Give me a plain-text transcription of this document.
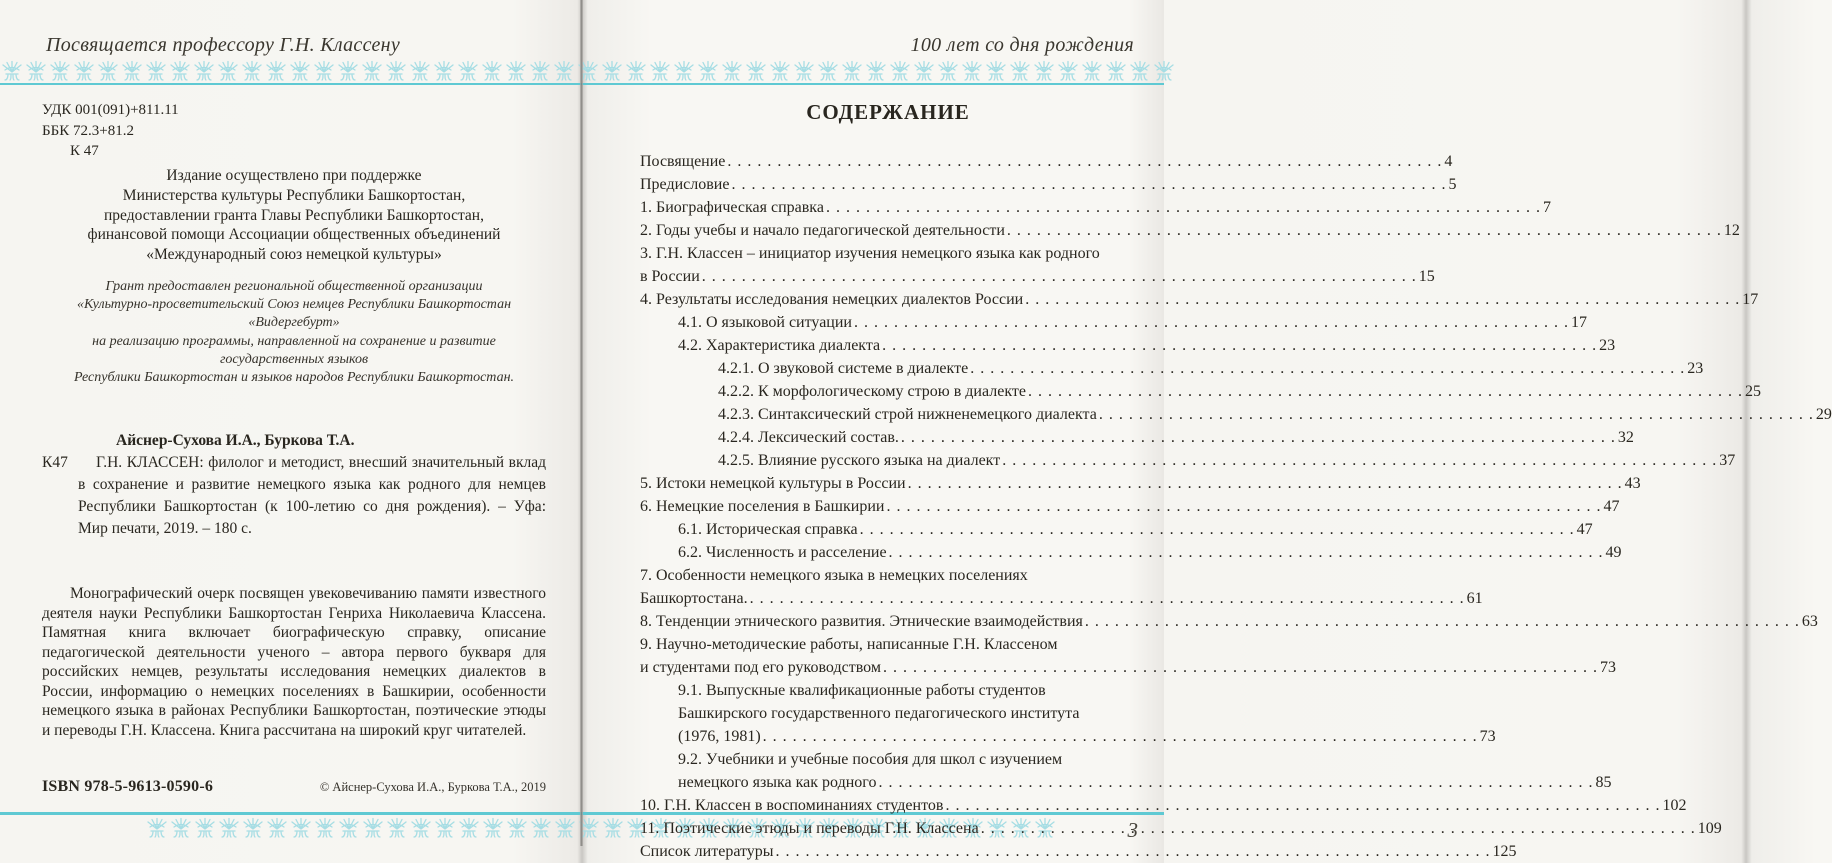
Посвящается профессору Г.Н. Классену	100 лет со дня рождения
УДК 001(091)+811.11
ББК 72.3+81.2
К 47
Издание осуществлено при поддержке
Министерства культуры Республики Башкортостан,
предоставлении гранта Главы Республики Башкортостан,
финансовой помощи Ассоциации общественных объединений
«Международный союз немецкой культуры»
Грант предоставлен региональной общественной организации
«Культурно-просветительский Союз немцев Республики Башкортостан «Видергебурт»
на реализацию программы, направленной на сохранение и развитие государственных языков
Республики Башкортостан и языков народов Республики Башкортостан.
К47
Айснер-Сухова И.А., Буркова Т.А.
Г.Н. КЛАССЕН: филолог и методист, внесший значительный вклад в сохранение и развитие немецкого языка как родного для немцев Республики Башкортостан (к 100-летию со дня рождения). – Уфа: Мир печати, 2019. – 180 с.
Монографический очерк посвящен увековечиванию памяти известного деятеля науки Республики Башкортостан Генриха Николаевича Классена. Памятная книга включает биографическую справку, описание педагогической деятельности ученого – автора первого букваря для российских немцев, результаты исследования немецких диалектов в России, информацию о немецких поселениях в Башкирии, особенности немецкого языка в районах Республики Башкортостан, поэтические этюды и переводы Г.Н. Классена. Книга рассчитана на широкий круг читателей.
ISBN 978-5-9613-0590-6	© Айснер-Сухова И.А., Буркова Т.А., 2019
СОДЕРЖАНИЕ
Посвящение . . .	4
Предисловие . . .	5
1. Биографическая справка . . .	7
2. Годы учебы и начало педагогической деятельности . . .	12
3. Г.Н. Классен – инициатор изучения немецкого языка как родного
в России . . .	15
4. Результаты исследования немецких диалектов России . . .	17
4.1. О языковой ситуации . . .	17
4.2. Характеристика диалекта . . .	23
4.2.1. О звуковой системе в диалекте . . .	23
4.2.2. К морфологическому строю в диалекте . . .	25
4.2.3. Синтаксический строй нижненемецкого диалекта . . .	29
4.2.4. Лексический состав. . . .	32
4.2.5. Влияние русского языка на диалект . . .	37
5. Истоки немецкой культуры в России . . .	43
6. Немецкие поселения в Башкирии . . .	47
6.1. Историческая справка . . .	47
6.2. Численность и расселение . . .	49
7. Особенности немецкого языка в немецких поселениях
Башкортостана. . . .	61
8. Тенденции этнического развития. Этнические взаимодействия . . .	63
9. Научно-методические работы, написанные Г.Н. Классеном
и студентами под его руководством . . .	73
9.1. Выпускные квалификационные работы студентов
Башкирского государственного педагогического института
(1976, 1981) . . .	73
9.2. Учебники и учебные пособия для школ с изучением
немецкого языка как родного . . .	85
10. Г.Н. Классен в воспоминаниях студентов . . .	102
11. Поэтические этюды и переводы Г.Н. Классена . . .	109
Список литературы . . .	125
3
